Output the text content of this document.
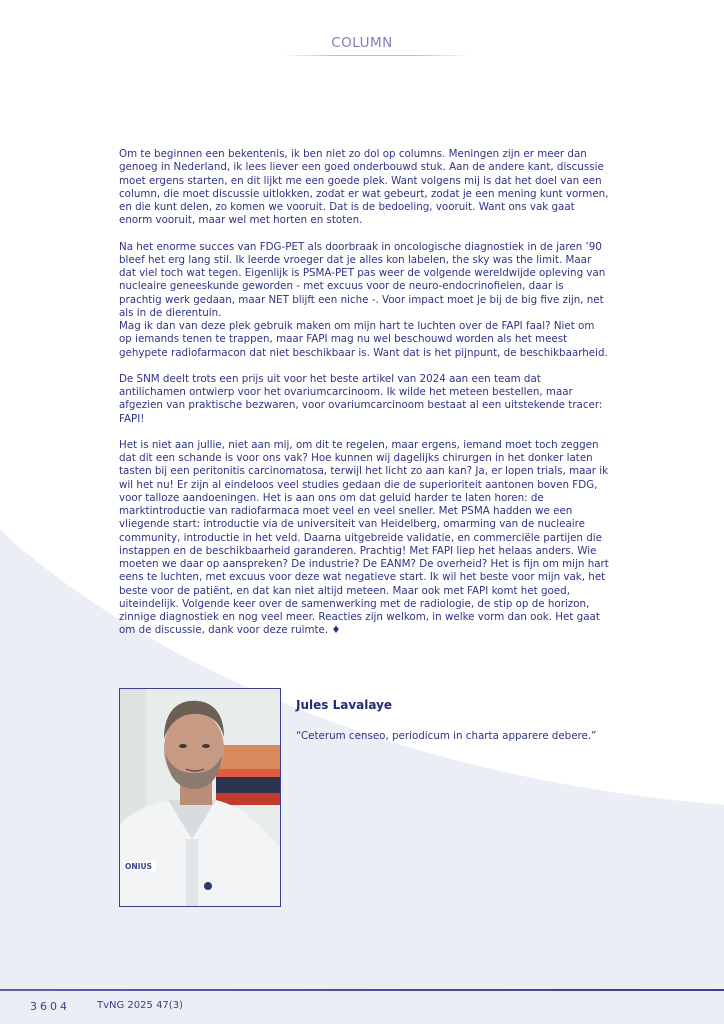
COLUMN

Om te beginnen een bekentenis, ik ben niet zo dol op columns. Meningen zijn er meer dan genoeg in Nederland, ik lees liever een goed onderbouwd stuk. Aan de andere kant, discussie moet ergens starten, en dit lijkt me een goede plek. Want volgens mij is dat het doel van een column, die moet discussie uitlokken, zodat er wat gebeurt, zodat je een mening kunt vormen, en die kunt delen, zo komen we vooruit. Dat is de bedoeling, vooruit. Want ons vak gaat enorm vooruit, maar wel met horten en stoten.

Na het enorme succes van FDG-PET als doorbraak in oncologische diagnostiek in de jaren ’90 bleef het erg lang stil. Ik leerde vroeger dat je alles kon labelen, the sky was the limit. Maar dat viel toch wat tegen. Eigenlijk is PSMA-PET pas weer de volgende wereldwijde opleving van nucleaire geneeskunde geworden - met excuus voor de neuro-endocrinofielen, daar is prachtig werk gedaan, maar NET blijft een niche -. Voor impact moet je bij de big five zijn, net als in de dierentuin.

Mag ik dan van deze plek gebruik maken om mijn hart te luchten over de FAPI faal? Niet om op iemands tenen te trappen, maar FAPI mag nu wel beschouwd worden als het meest gehypete radiofarmacon dat niet beschikbaar is. Want dat is het pijnpunt, de beschikbaarheid.

De SNM deelt trots een prijs uit voor het beste artikel van 2024 aan een team dat antilichamen ontwierp voor het ovariumcarcinoom. Ik wilde het meteen bestellen, maar afgezien van praktische bezwaren, voor ovariumcarcinoom bestaat al een uitstekende tracer: FAPI!

Het is niet aan jullie, niet aan mij, om dit te regelen, maar ergens, iemand moet toch zeggen dat dit een schande is voor ons vak? Hoe kunnen wij dagelijks chirurgen in het donker laten tasten bij een peritonitis carcinomatosa, terwijl het licht zo aan kan? Ja, er lopen trials, maar ik wil het nu! Er zijn al eindeloos veel studies gedaan die de superioriteit aantonen boven FDG, voor talloze aandoeningen. Het is aan ons om dat geluid harder te laten horen: de marktintroductie van radiofarmaca moet veel en veel sneller. Met PSMA hadden we een vliegende start: introductie via de universiteit van Heidelberg, omarming van de nucleaire community, introductie in het veld. Daarna uitgebreide validatie, en commerciële partijen die instappen en de beschikbaarheid garanderen. Prachtig! Met FAPI liep het helaas anders. Wie moeten we daar op aanspreken? De industrie? De EANM? De overheid? Het is fijn om mijn hart eens te luchten, met excuus voor deze wat negatieve start. Ik wil het beste voor mijn vak, het beste voor de patiënt, en dat kan niet altijd meteen. Maar ook met FAPI komt het goed, uiteindelijk. Volgende keer over de samenwerking met de radiologie, de stip op de horizon, zinnige diagnostiek en nog veel meer. Reacties zijn welkom, in welke vorm dan ook. Het gaat om de discussie, dank voor deze ruimte. ♦

ONIUS
Jules Lavalaye
“Ceterum censeo, periodicum in charta apparere debere.”
3604	TvNG 2025 47(3)
